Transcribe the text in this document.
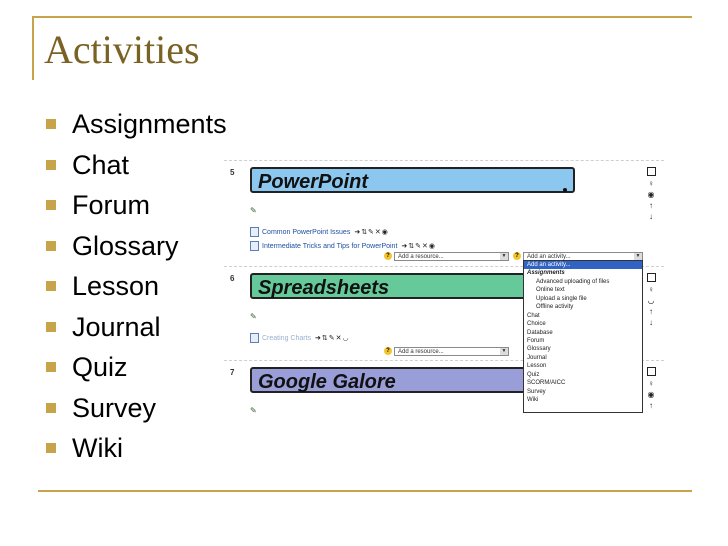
Activities
Assignments
Chat
Forum
Glossary
Lesson
Journal
Quiz
Survey
Wiki
5	PowerPoint
✎
Common PowerPoint Issues ➜⇅✎✕◉
Intermediate Tricks and Tips for PowerPoint ➜⇅✎✕◉
?	Add a resource...	▼	?	Add an activity...	▼
♀
◉
↑
↓
6	Spreadsheets
✎
Creating Charts ➜⇅✎✕◡
?	Add a resource...	▼
♀
◡
↑
↓
7	Google Galore
✎
♀
◉
↑
Add an activity...
Assignments
Advanced uploading of files
Online text
Upload a single file
Offline activity
Chat
Choice
Database
Forum
Glossary
Journal
Lesson
Quiz
SCORM/AICC
Survey
Wiki
